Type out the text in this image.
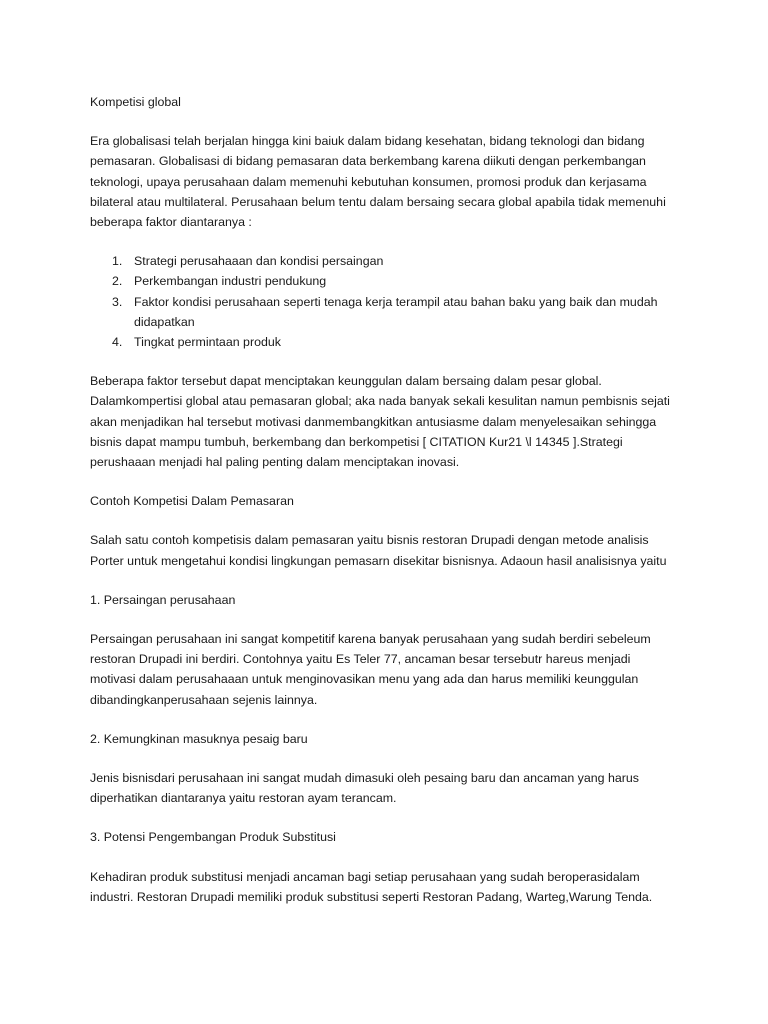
Kompetisi global
Era globalisasi telah berjalan hingga kini baiuk dalam bidang kesehatan, bidang teknologi dan bidang pemasaran. Globalisasi di bidang pemasaran data berkembang karena diikuti dengan perkembangan teknologi, upaya perusahaan dalam memenuhi kebutuhan konsumen, promosi produk dan kerjasama bilateral atau multilateral. Perusahaan belum tentu dalam bersaing secara global apabila tidak memenuhi beberapa faktor diantaranya :
1. Strategi perusahaaan dan kondisi persaingan
2. Perkembangan industri pendukung
3. Faktor kondisi perusahaan seperti tenaga kerja terampil atau bahan baku yang baik dan mudah didapatkan
4. Tingkat permintaan produk
Beberapa faktor tersebut dapat menciptakan keunggulan dalam bersaing dalam pesar global. Dalamkompertisi global atau pemasaran global; aka nada banyak sekali kesulitan namun pembisnis sejati akan menjadikan hal tersebut motivasi danmembangkitkan antusiasme dalam menyelesaikan sehingga bisnis dapat mampu tumbuh, berkembang dan berkompetisi [ CITATION Kur21 \l 14345 ].Strategi perushaaan menjadi hal paling penting dalam menciptakan inovasi.
Contoh Kompetisi Dalam Pemasaran
Salah satu contoh kompetisis dalam pemasaran yaitu bisnis restoran Drupadi dengan metode analisis Porter untuk mengetahui kondisi lingkungan pemasarn disekitar bisnisnya. Adaoun hasil analisisnya yaitu
1. Persaingan perusahaan
Persaingan perusahaan ini sangat kompetitif karena banyak perusahaan yang sudah berdiri sebeleum restoran Drupadi ini berdiri. Contohnya yaitu Es Teler 77, ancaman besar tersebutr hareus menjadi motivasi dalam perusahaaan untuk menginovasikan menu yang ada dan harus memiliki keunggulan dibandingkanperusahaan sejenis lainnya.
2. Kemungkinan masuknya pesaig baru
Jenis bisnisdari perusahaan ini sangat mudah dimasuki oleh pesaing baru dan ancaman yang harus diperhatikan diantaranya yaitu restoran ayam terancam.
3. Potensi Pengembangan Produk Substitusi
Kehadiran produk substitusi menjadi ancaman bagi setiap perusahaan yang sudah beroperasidalam industri. Restoran Drupadi memiliki produk substitusi seperti Restoran Padang, Warteg,Warung Tenda.
